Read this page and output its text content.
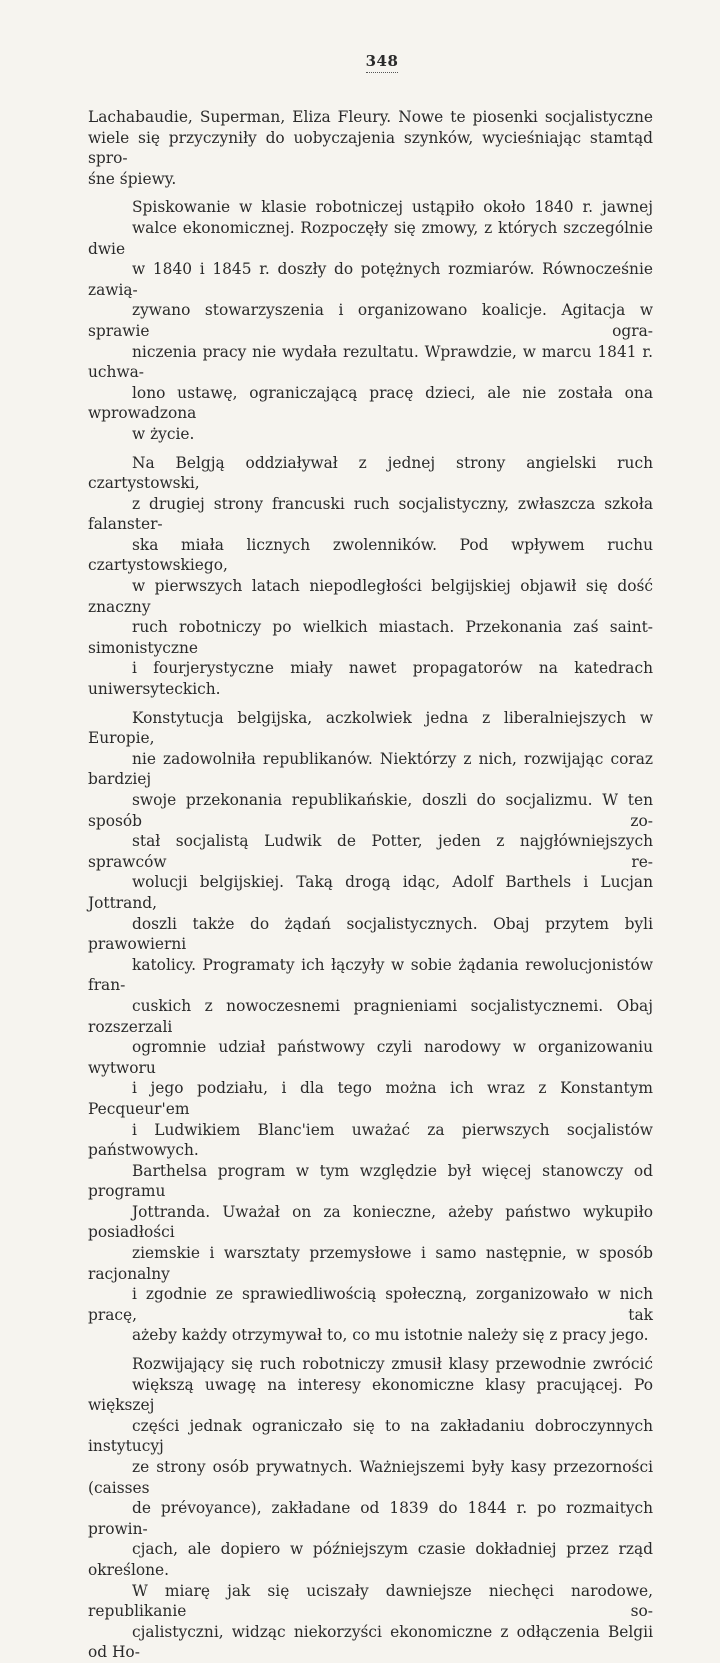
348
Lachabaudie, Superman, Eliza Fleury. Nowe te piosenki socjalistyczne
wiele się przyczyniły do uobyczajenia szynków, wycieśniając stamtąd spro-
śne śpiewy.
Spiskowanie w klasie robotniczej ustąpiło około 1840 r. jawnej
walce ekonomicznej. Rozpoczęły się zmowy, z których szczególnie dwie
w 1840 i 1845 r. doszły do potężnych rozmiarów. Równocześnie zawią-
zywano stowarzyszenia i organizowano koalicje. Agitacja w sprawie ogra-
niczenia pracy nie wydała rezultatu. Wprawdzie, w marcu 1841 r. uchwa-
lono ustawę, ograniczającą pracę dzieci, ale nie została ona wprowadzona
w życie.
Na Belgją oddziaływał z jednej strony angielski ruch czartystowski,
z drugiej strony francuski ruch socjalistyczny, zwłaszcza szkoła falanster-
ska miała licznych zwolenników. Pod wpływem ruchu czartystowskiego,
w pierwszych latach niepodległości belgijskiej objawił się dość znaczny
ruch robotniczy po wielkich miastach. Przekonania zaś saint-simonistyczne
i fourjerystyczne miały nawet propagatorów na katedrach uniwersyteckich.
Konstytucja belgijska, aczkolwiek jedna z liberalniejszych w Europie,
nie zadowolniła republikanów. Niektórzy z nich, rozwijając coraz bardziej
swoje przekonania republikańskie, doszli do socjalizmu. W ten sposób zo-
stał socjalistą Ludwik de Potter, jeden z najgłówniejszych sprawców re-
wolucji belgijskiej. Taką drogą idąc, Adolf Barthels i Lucjan Jottrand,
doszli także do żądań socjalistycznych. Obaj przytem byli prawowierni
katolicy. Programaty ich łączyły w sobie żądania rewolucjonistów fran-
cuskich z nowoczesnemi pragnieniami socjalistycznemi. Obaj rozszerzali
ogromnie udział państwowy czyli narodowy w organizowaniu wytworu
i jego podziału, i dla tego można ich wraz z Konstantym Pecqueur'em
i Ludwikiem Blanc'iem uważać za pierwszych socjalistów państwowych.
Barthelsa program w tym względzie był więcej stanowczy od programu
Jottranda. Uważał on za konieczne, ażeby państwo wykupiło posiadłości
ziemskie i warsztaty przemysłowe i samo następnie, w sposób racjonalny
i zgodnie ze sprawiedliwością społeczną, zorganizowało w nich pracę, tak
ażeby każdy otrzymywał to, co mu istotnie należy się z pracy jego.
Rozwijający się ruch robotniczy zmusił klasy przewodnie zwrócić
większą uwagę na interesy ekonomiczne klasy pracującej. Po większej
części jednak ograniczało się to na zakładaniu dobroczynnych instytucyj
ze strony osób prywatnych. Ważniejszemi były kasy przezorności (caisses
de prévoyance), zakładane od 1839 do 1844 r. po rozmaitych prowin-
cjach, ale dopiero w późniejszym czasie dokładniej przez rząd określone.
W miarę jak się uciszały dawniejsze niechęci narodowe, republikanie so-
cjalistyczni, widząc niekorzyści ekonomiczne z odłączenia Belgii od Ho-
